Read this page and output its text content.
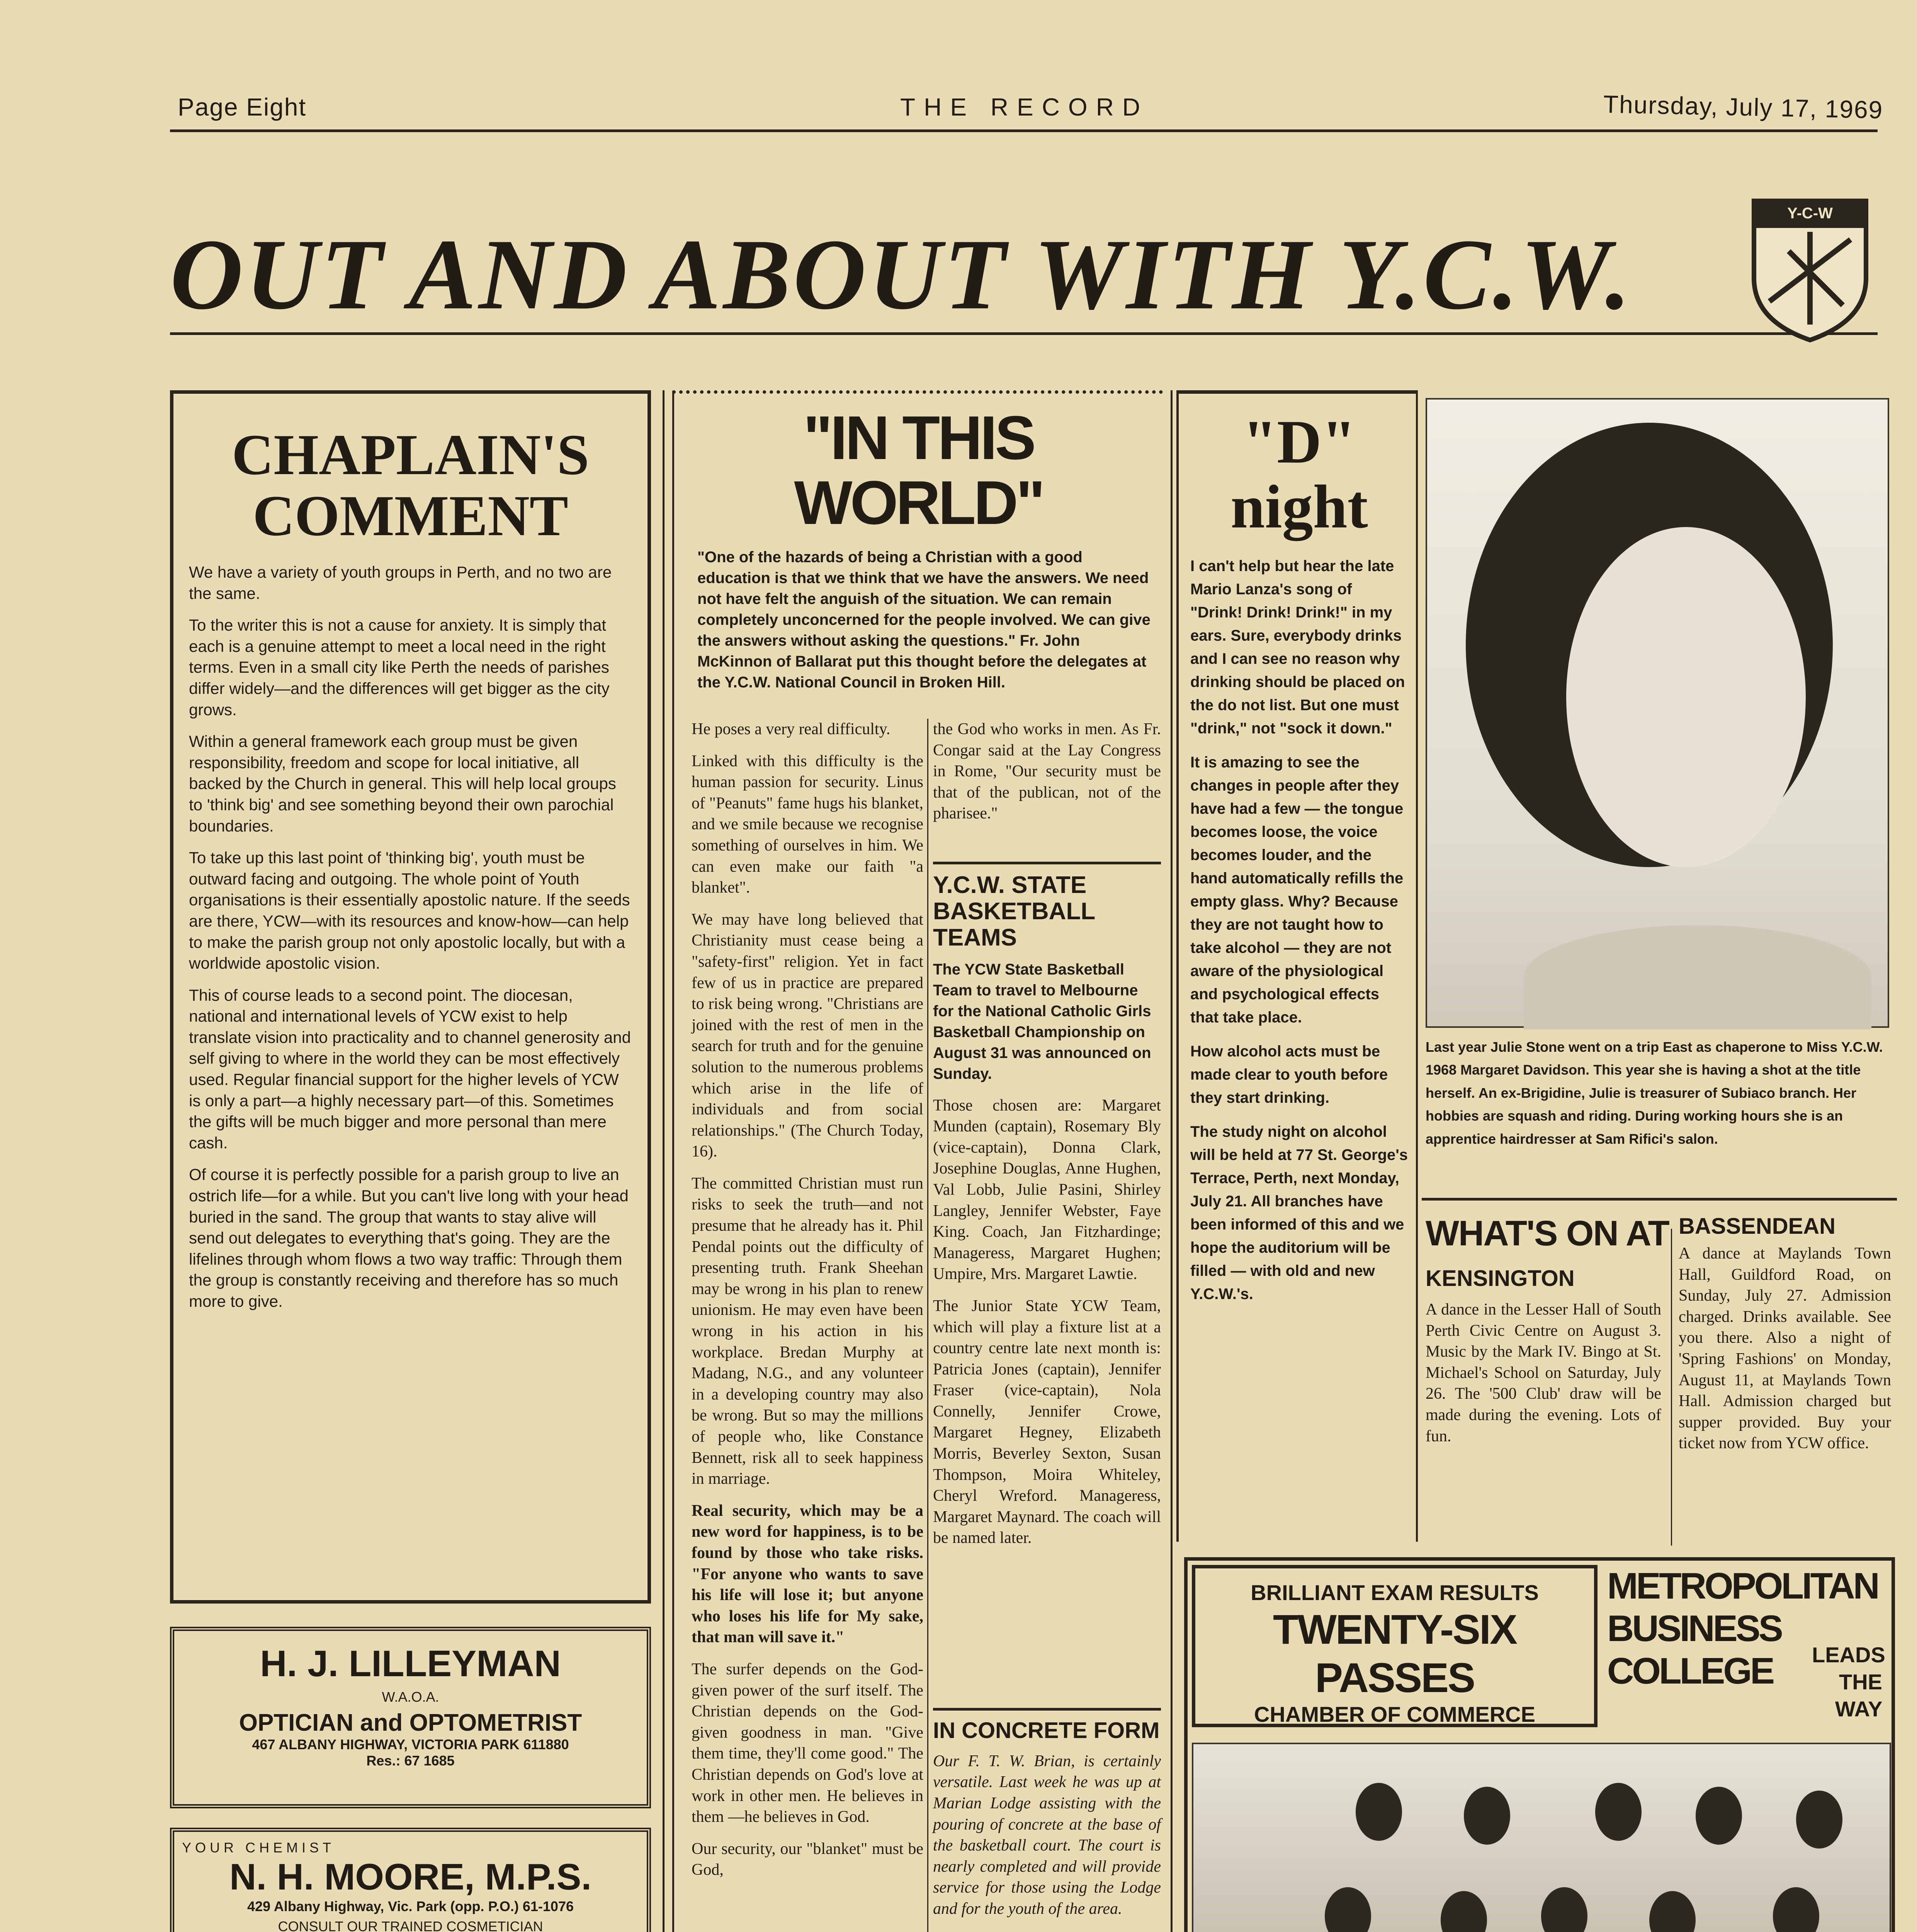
Page Eight	THE RECORD	Thursday, July 17, 1969
OUT AND ABOUT WITH Y.C.W.
Y-C-W
CHAPLAIN'S
COMMENT

We have a variety of youth groups in Perth, and no two are the same.

To the writer this is not a cause for anxiety. It is simply that each is a genuine attempt to meet a local need in the right terms. Even in a small city like Perth the needs of parishes differ widely—and the differences will get bigger as the city grows.

Within a general framework each group must be given responsibility, freedom and scope for local initiative, all backed by the Church in general. This will help local groups to 'think big' and see something beyond their own parochial boundaries.

To take up this last point of 'thinking big', youth must be outward facing and outgoing. The whole point of Youth organisations is their essentially apostolic nature. If the seeds are there, YCW—with its resources and know-how—can help to make the parish group not only apostolic locally, but with a worldwide apostolic vision.

This of course leads to a second point. The diocesan, national and international levels of YCW exist to help translate vision into practicality and to channel generosity and self giving to where in the world they can be most effectively used. Regular financial support for the higher levels of YCW is only a part—a highly necessary part—of this. Sometimes the gifts will be much bigger and more personal than mere cash.

Of course it is perfectly possible for a parish group to live an ostrich life—for a while. But you can't live long with your head buried in the sand. The group that wants to stay alive will send out delegates to everything that's going. They are the lifelines through whom flows a two way traffic: Through them the group is constantly receiving and therefore has so much more to give.

H. J. LILLEYMAN
W.A.O.A.
OPTICIAN and OPTOMETRIST
467 ALBANY HIGHWAY, VICTORIA PARK 611880
Res.: 67 1685
YOUR CHEMIST
N. H. MOORE, M.P.S.
429 Albany Highway, Vic. Park (opp. P.O.) 61-1076
CONSULT OUR TRAINED COSMETICIAN
"IN THIS WORLD"
"One of the hazards of being a Christian with a good education is that we think that we have the answers. We need not have felt the anguish of the situation. We can remain completely unconcerned for the people involved. We can give the answers without asking the questions." Fr. John McKinnon of Ballarat put this thought before the delegates at the Y.C.W. National Council in Broken Hill.

He poses a very real difficulty.

Linked with this difficulty is the human passion for security. Linus of "Peanuts" fame hugs his blanket, and we smile because we recognise something of ourselves in him. We can even make our faith "a blanket".

We may have long believed that Christianity must cease being a "safety-first" religion. Yet in fact few of us in practice are prepared to risk being wrong. "Christians are joined with the rest of men in the search for truth and for the genuine solution to the numerous problems which arise in the life of individuals and from social relationships." (The Church Today, 16).

The committed Christian must run risks to seek the truth—and not presume that he already has it. Phil Pendal points out the difficulty of presenting truth. Frank Sheehan may be wrong in his plan to renew unionism. He may even have been wrong in his action in his workplace. Bredan Murphy at Madang, N.G., and any volunteer in a developing country may also be wrong. But so may the millions of people who, like Constance Bennett, risk all to seek happiness in marriage.

Real security, which may be a new word for happiness, is to be found by those who take risks. "For anyone who wants to save his life will lose it; but anyone who loses his life for My sake, that man will save it."

The surfer depends on the God-given power of the surf itself. The Christian depends on the God-given goodness in man. "Give them time, they'll come good." The Christian depends on God's love at work in other men. He believes in them —he believes in God.

Our security, our "blanket" must be God,

the God who works in men. As Fr. Congar said at the Lay Congress in Rome, "Our security must be that of the publican, not of the pharisee."
Y.C.W. STATE BASKETBALL TEAMS
The YCW State Basketball Team to travel to Melbourne for the National Catholic Girls Basketball Championship on August 31 was announced on Sunday.

Those chosen are: Margaret Munden (captain), Rosemary Bly (vice-captain), Donna Clark, Josephine Douglas, Anne Hughen, Val Lobb, Julie Pasini, Shirley Langley, Jennifer Webster, Faye King. Coach, Jan Fitzhardinge; Manageress, Margaret Hughen; Umpire, Mrs. Margaret Lawtie.

The Junior State YCW Team, which will play a fixture list at a country centre late next month is: Patricia Jones (captain), Jennifer Fraser (vice-captain), Nola Connelly, Jennifer Crowe, Margaret Hegney, Elizabeth Morris, Beverley Sexton, Susan Thompson, Moira Whiteley, Cheryl Wreford. Manageress, Margaret Maynard. The coach will be named later.

IN CONCRETE FORM

Our F. T. W. Brian, is certainly versatile. Last week he was up at Marian Lodge assisting with the pouring of concrete at the base of the basketball court. The court is nearly completed and will provide service for those using the Lodge and for the youth of the area.

"D"
night

I can't help but hear the late Mario Lanza's song of "Drink! Drink! Drink!" in my ears. Sure, everybody drinks and I can see no reason why drinking should be placed on the do not list. But one must "drink," not "sock it down."

It is amazing to see the changes in people after they have had a few — the tongue becomes loose, the voice becomes louder, and the hand automatically refills the empty glass. Why? Because they are not taught how to take alcohol — they are not aware of the physiological and psychological effects that take place.

How alcohol acts must be made clear to youth before they start drinking.

The study night on alcohol will be held at 77 St. George's Terrace, Perth, next Monday, July 21. All branches have been informed of this and we hope the auditorium will be filled — with old and new Y.C.W.'s.

Last year Julie Stone went on a trip East as chaperone to Miss Y.C.W. 1968 Margaret Davidson. This year she is having a shot at the title herself. An ex-Brigidine, Julie is treasurer of Subiaco branch. Her hobbies are squash and riding. During working hours she is an apprentice hairdresser at Sam Rifici's salon.
WHAT'S ON AT
KENSINGTON
A dance in the Lesser Hall of South Perth Civic Centre on August 3. Music by the Mark IV. Bingo at St. Michael's School on Saturday, July 26. The '500 Club' draw will be made during the evening. Lots of fun.
BASSENDEAN
A dance at Maylands Town Hall, Guildford Road, on Sunday, July 27. Admission charged. Drinks available. See you there. Also a night of 'Spring Fashions' on Monday, August 11, at Maylands Town Hall. Admission charged but supper provided. Buy your ticket now from YCW office.
BRILLIANT EXAM RESULTS
TWENTY-SIX PASSES
CHAMBER OF COMMERCE
METROPOLITAN
BUSINESS
COLLEGE	LEADS
THE
WAY
